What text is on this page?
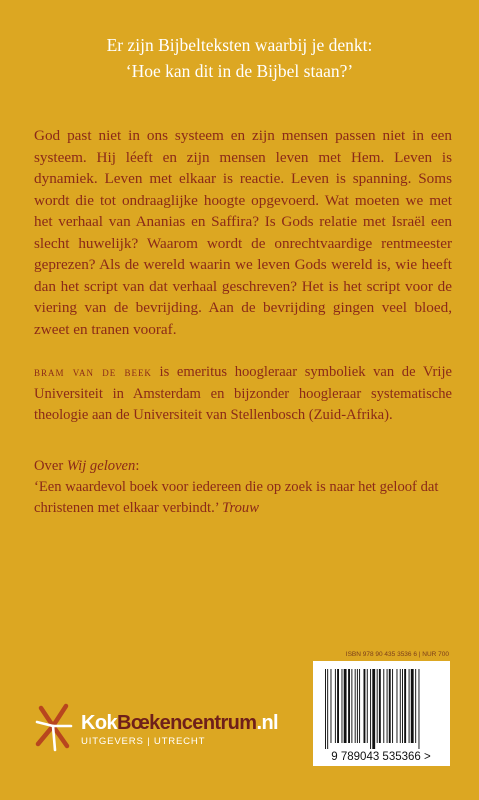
Er zijn Bijbelteksten waarbij je denkt:
‘Hoe kan dit in de Bijbel staan?’
God past niet in ons systeem en zijn mensen passen niet in een systeem. Hij léeft en zijn mensen leven met Hem. Leven is dynamiek. Leven met elkaar is reactie. Leven is spanning. Soms wordt die tot ondraaglijke hoogte opgevoerd. Wat moeten we met het verhaal van Ananias en Saffira? Is Gods relatie met Israël een slecht huwelijk? Waarom wordt de onrechtvaardige rentmeester geprezen? Als de wereld waarin we leven Gods wereld is, wie heeft dan het script van dat verhaal geschreven? Het is het script voor de viering van de bevrijding. Aan de bevrijding gingen veel bloed, zweet en tranen vooraf.
bram van de beek is emeritus hoogleraar symboliek van de Vrije Universiteit in Amsterdam en bijzonder hoogleraar systematische theologie aan de Universiteit van Stellenbosch (Zuid-Afrika).
Over Wij geloven:
‘Een waardevol boek voor iedereen die op zoek is naar het geloof dat christenen met elkaar verbindt.’ Trouw
ISBN 978 90 435 3536 6 | NUR 700
9 789043 535366 >
KokBœkencentrum.nl
UITGEVERS | UTRECHT
